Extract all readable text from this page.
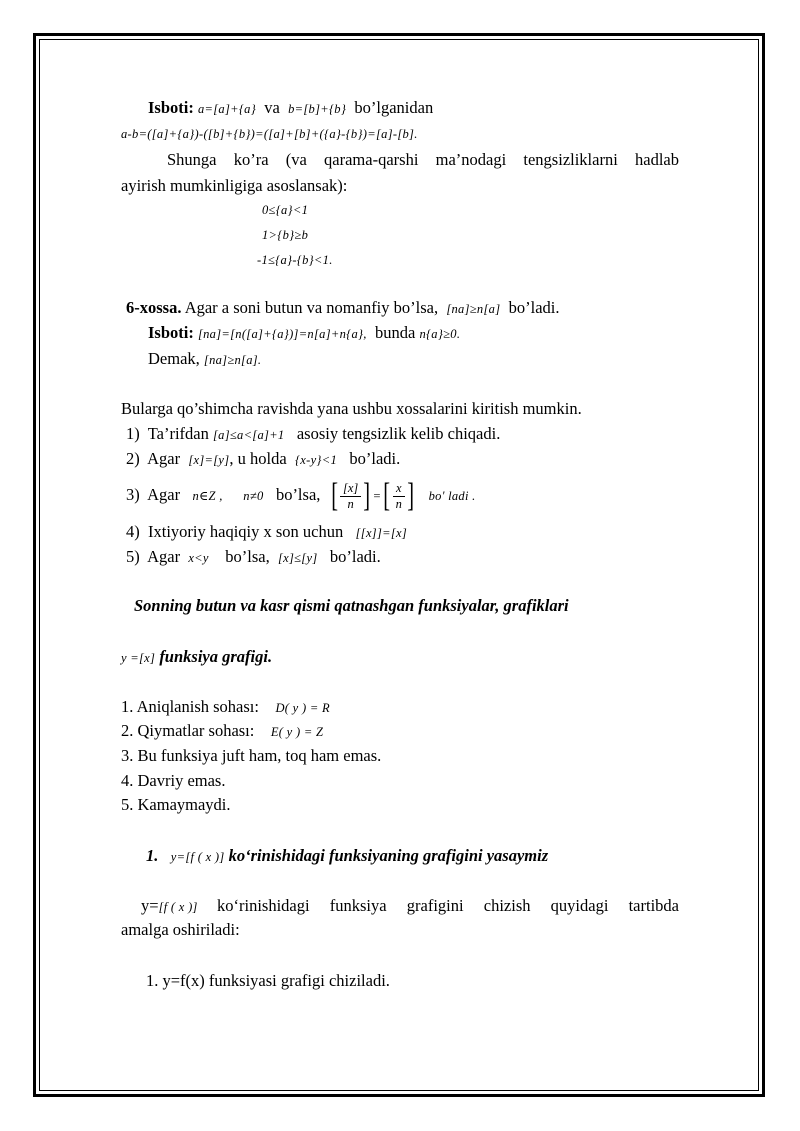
Isboti: a=[a]+{a} va b=[b]+{b} bo’lganidan
a-b=([a]+{a})-([b]+{b})=([a]+[b]+({a}-{b})=[a]-[b].
Shunga ko’ra (va qarama-qarshi ma’nodagi tengsizliklarni hadlab
ayirish mumkinligiga asoslansak):
0≤{a}<1
1>{b}≥b
-1≤{a}-{b}<1.
6-xossa. Agar a soni butun va nomanfiy bo’lsa, [na]≥n[a] bo’ladi.
Isboti: [na]=[n([a]+{a})]=n[a]+n{a}, bunda n{a}≥0.
Demak, [na]≥n[a].
Bularga qo’shimcha ravishda yana ushbu xossalarini kiritish mumkin.
1) Ta’rifdan [a]≤a<[a]+1 asosiy tengsizlik kelib chiqadi.
2) Agar [x]=[y], u holda {x-y}<1 bo’ladi.
3) Agar n∈Z , n≠0 bo’lsa, [ $\frac{[x]}{n}$ ] =[ $\frac{x}{n}$ ] bo' ladi .
4) Ixtiyoriy haqiqiy x son uchun [[x]]=[x]
5) Agar x<y bo’lsa, [x]≤[y] bo’ladi.
Sonning butun va kasr qismi qatnashgan funksiyalar, grafiklari
y =[x] funksiya grafigi.
1. Aniqlanish sohası: D( y ) = R
2. Qiymatlar sohası: E( y ) = Z
3. Bu funksiya juft ham, toq ham emas.
4. Davriy emas.
5. Kamaymaydi.
1. y=[f ( x )] ko‘rinishidagi funksiyaning grafigini yasaymiz
y=[f ( x )] ko‘rinishidagi funksiya grafigini chizish quyidagi tartibda
amalga oshiriladi:
1. y=f(x) funksiyasi grafigi chiziladi.
